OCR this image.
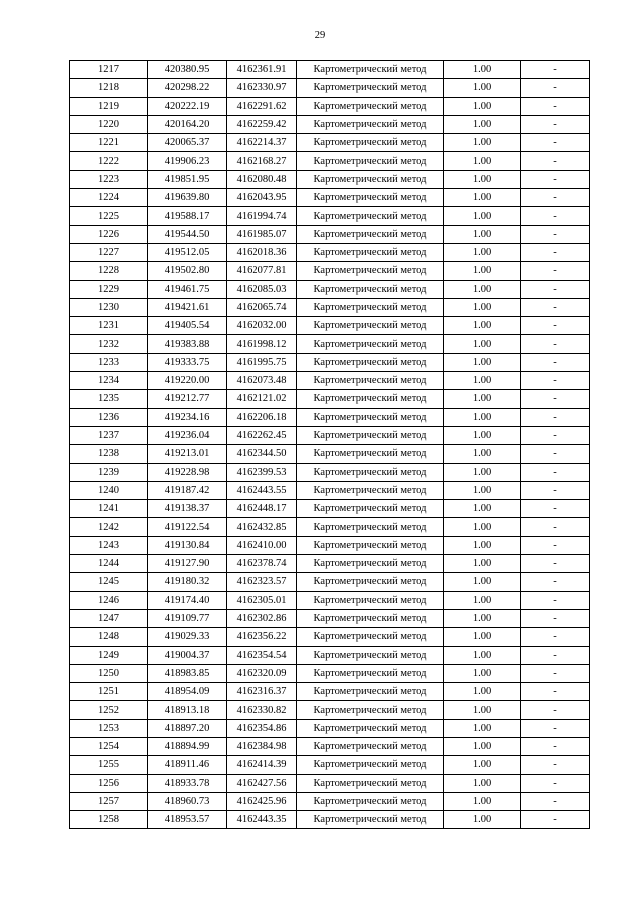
29
1217	420380.95	4162361.91	Картометрический метод	1.00	-
1218	420298.22	4162330.97	Картометрический метод	1.00	-
1219	420222.19	4162291.62	Картометрический метод	1.00	-
1220	420164.20	4162259.42	Картометрический метод	1.00	-
1221	420065.37	4162214.37	Картометрический метод	1.00	-
1222	419906.23	4162168.27	Картометрический метод	1.00	-
1223	419851.95	4162080.48	Картометрический метод	1.00	-
1224	419639.80	4162043.95	Картометрический метод	1.00	-
1225	419588.17	4161994.74	Картометрический метод	1.00	-
1226	419544.50	4161985.07	Картометрический метод	1.00	-
1227	419512.05	4162018.36	Картометрический метод	1.00	-
1228	419502.80	4162077.81	Картометрический метод	1.00	-
1229	419461.75	4162085.03	Картометрический метод	1.00	-
1230	419421.61	4162065.74	Картометрический метод	1.00	-
1231	419405.54	4162032.00	Картометрический метод	1.00	-
1232	419383.88	4161998.12	Картометрический метод	1.00	-
1233	419333.75	4161995.75	Картометрический метод	1.00	-
1234	419220.00	4162073.48	Картометрический метод	1.00	-
1235	419212.77	4162121.02	Картометрический метод	1.00	-
1236	419234.16	4162206.18	Картометрический метод	1.00	-
1237	419236.04	4162262.45	Картометрический метод	1.00	-
1238	419213.01	4162344.50	Картометрический метод	1.00	-
1239	419228.98	4162399.53	Картометрический метод	1.00	-
1240	419187.42	4162443.55	Картометрический метод	1.00	-
1241	419138.37	4162448.17	Картометрический метод	1.00	-
1242	419122.54	4162432.85	Картометрический метод	1.00	-
1243	419130.84	4162410.00	Картометрический метод	1.00	-
1244	419127.90	4162378.74	Картометрический метод	1.00	-
1245	419180.32	4162323.57	Картометрический метод	1.00	-
1246	419174.40	4162305.01	Картометрический метод	1.00	-
1247	419109.77	4162302.86	Картометрический метод	1.00	-
1248	419029.33	4162356.22	Картометрический метод	1.00	-
1249	419004.37	4162354.54	Картометрический метод	1.00	-
1250	418983.85	4162320.09	Картометрический метод	1.00	-
1251	418954.09	4162316.37	Картометрический метод	1.00	-
1252	418913.18	4162330.82	Картометрический метод	1.00	-
1253	418897.20	4162354.86	Картометрический метод	1.00	-
1254	418894.99	4162384.98	Картометрический метод	1.00	-
1255	418911.46	4162414.39	Картометрический метод	1.00	-
1256	418933.78	4162427.56	Картометрический метод	1.00	-
1257	418960.73	4162425.96	Картометрический метод	1.00	-
1258	418953.57	4162443.35	Картометрический метод	1.00	-
